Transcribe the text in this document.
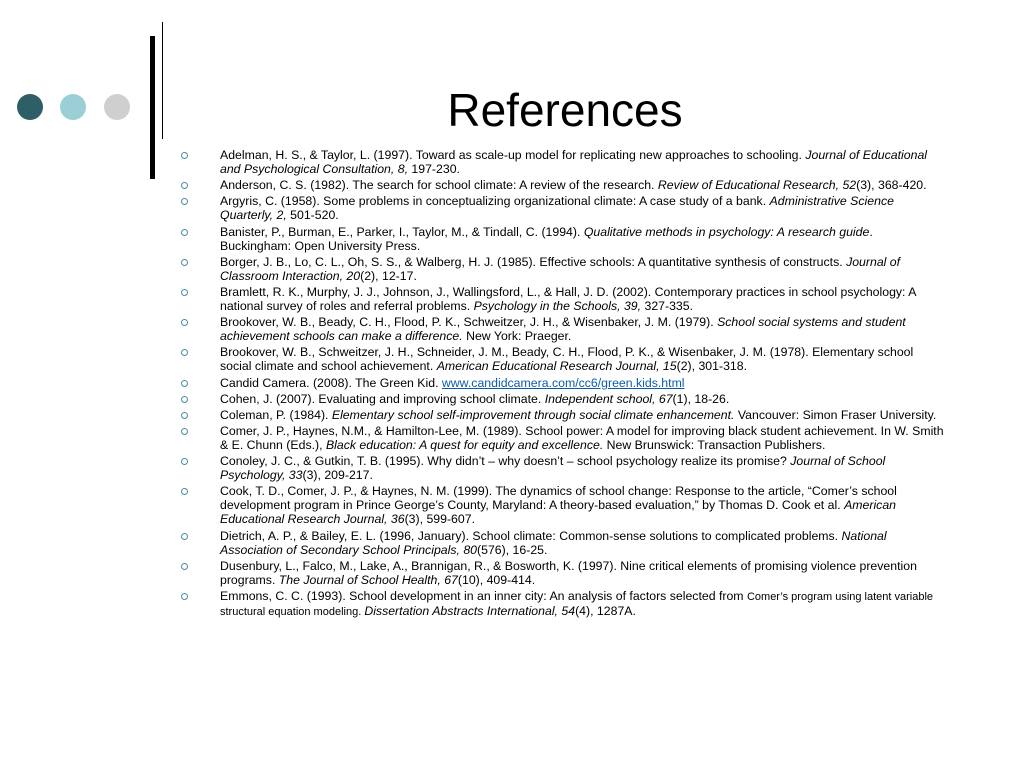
References
Adelman, H. S., & Taylor, L. (1997). Toward as scale-up model for replicating new approaches to schooling. Journal of Educational and Psychological Consultation, 8, 197-230.
Anderson, C. S. (1982). The search for school climate: A review of the research. Review of Educational Research, 52(3), 368-420.
Argyris, C. (1958). Some problems in conceptualizing organizational climate: A case study of a bank. Administrative Science Quarterly, 2, 501-520.
Banister, P., Burman, E., Parker, I., Taylor, M., & Tindall, C. (1994). Qualitative methods in psychology: A research guide. Buckingham: Open University Press.
Borger, J. B., Lo, C. L., Oh, S. S., & Walberg, H. J. (1985). Effective schools: A quantitative synthesis of constructs. Journal of Classroom Interaction, 20(2), 12-17.
Bramlett, R. K., Murphy, J. J., Johnson, J., Wallingsford, L., & Hall, J. D. (2002). Contemporary practices in school psychology: A national survey of roles and referral problems. Psychology in the Schools, 39, 327-335.
Brookover, W. B., Beady, C. H., Flood, P. K., Schweitzer, J. H., & Wisenbaker, J. M. (1979). School social systems and student achievement schools can make a difference. New York: Praeger.
Brookover, W. B., Schweitzer, J. H., Schneider, J. M., Beady, C. H., Flood, P. K., & Wisenbaker, J. M. (1978). Elementary school social climate and school achievement. American Educational Research Journal, 15(2), 301-318.
Candid Camera. (2008). The Green Kid. www.candidcamera.com/cc6/green.kids.html
Cohen, J. (2007). Evaluating and improving school climate. Independent school, 67(1), 18-26.
Coleman, P. (1984). Elementary school self-improvement through social climate enhancement. Vancouver: Simon Fraser University.
Comer, J. P., Haynes, N.M., & Hamilton-Lee, M. (1989). School power: A model for improving black student achievement. In W. Smith & E. Chunn (Eds.), Black education: A quest for equity and excellence. New Brunswick: Transaction Publishers.
Conoley, J. C., & Gutkin, T. B. (1995). Why didn’t – why doesn’t – school psychology realize its promise? Journal of School Psychology, 33(3), 209-217.
Cook, T. D., Comer, J. P., & Haynes, N. M. (1999). The dynamics of school change: Response to the article, “Comer’s school development program in Prince George’s County, Maryland: A theory-based evaluation,” by Thomas D. Cook et al. American Educational Research Journal, 36(3), 599-607.
Dietrich, A. P., & Bailey, E. L. (1996, January). School climate: Common-sense solutions to complicated problems. National Association of Secondary School Principals, 80(576), 16-25.
Dusenbury, L., Falco, M., Lake, A., Brannigan, R., & Bosworth, K. (1997). Nine critical elements of promising violence prevention programs. The Journal of School Health, 67(10), 409-414.
Emmons, C. C. (1993). School development in an inner city: An analysis of factors selected from Comer’s program using latent variable structural equation modeling. Dissertation Abstracts International, 54(4), 1287A.
